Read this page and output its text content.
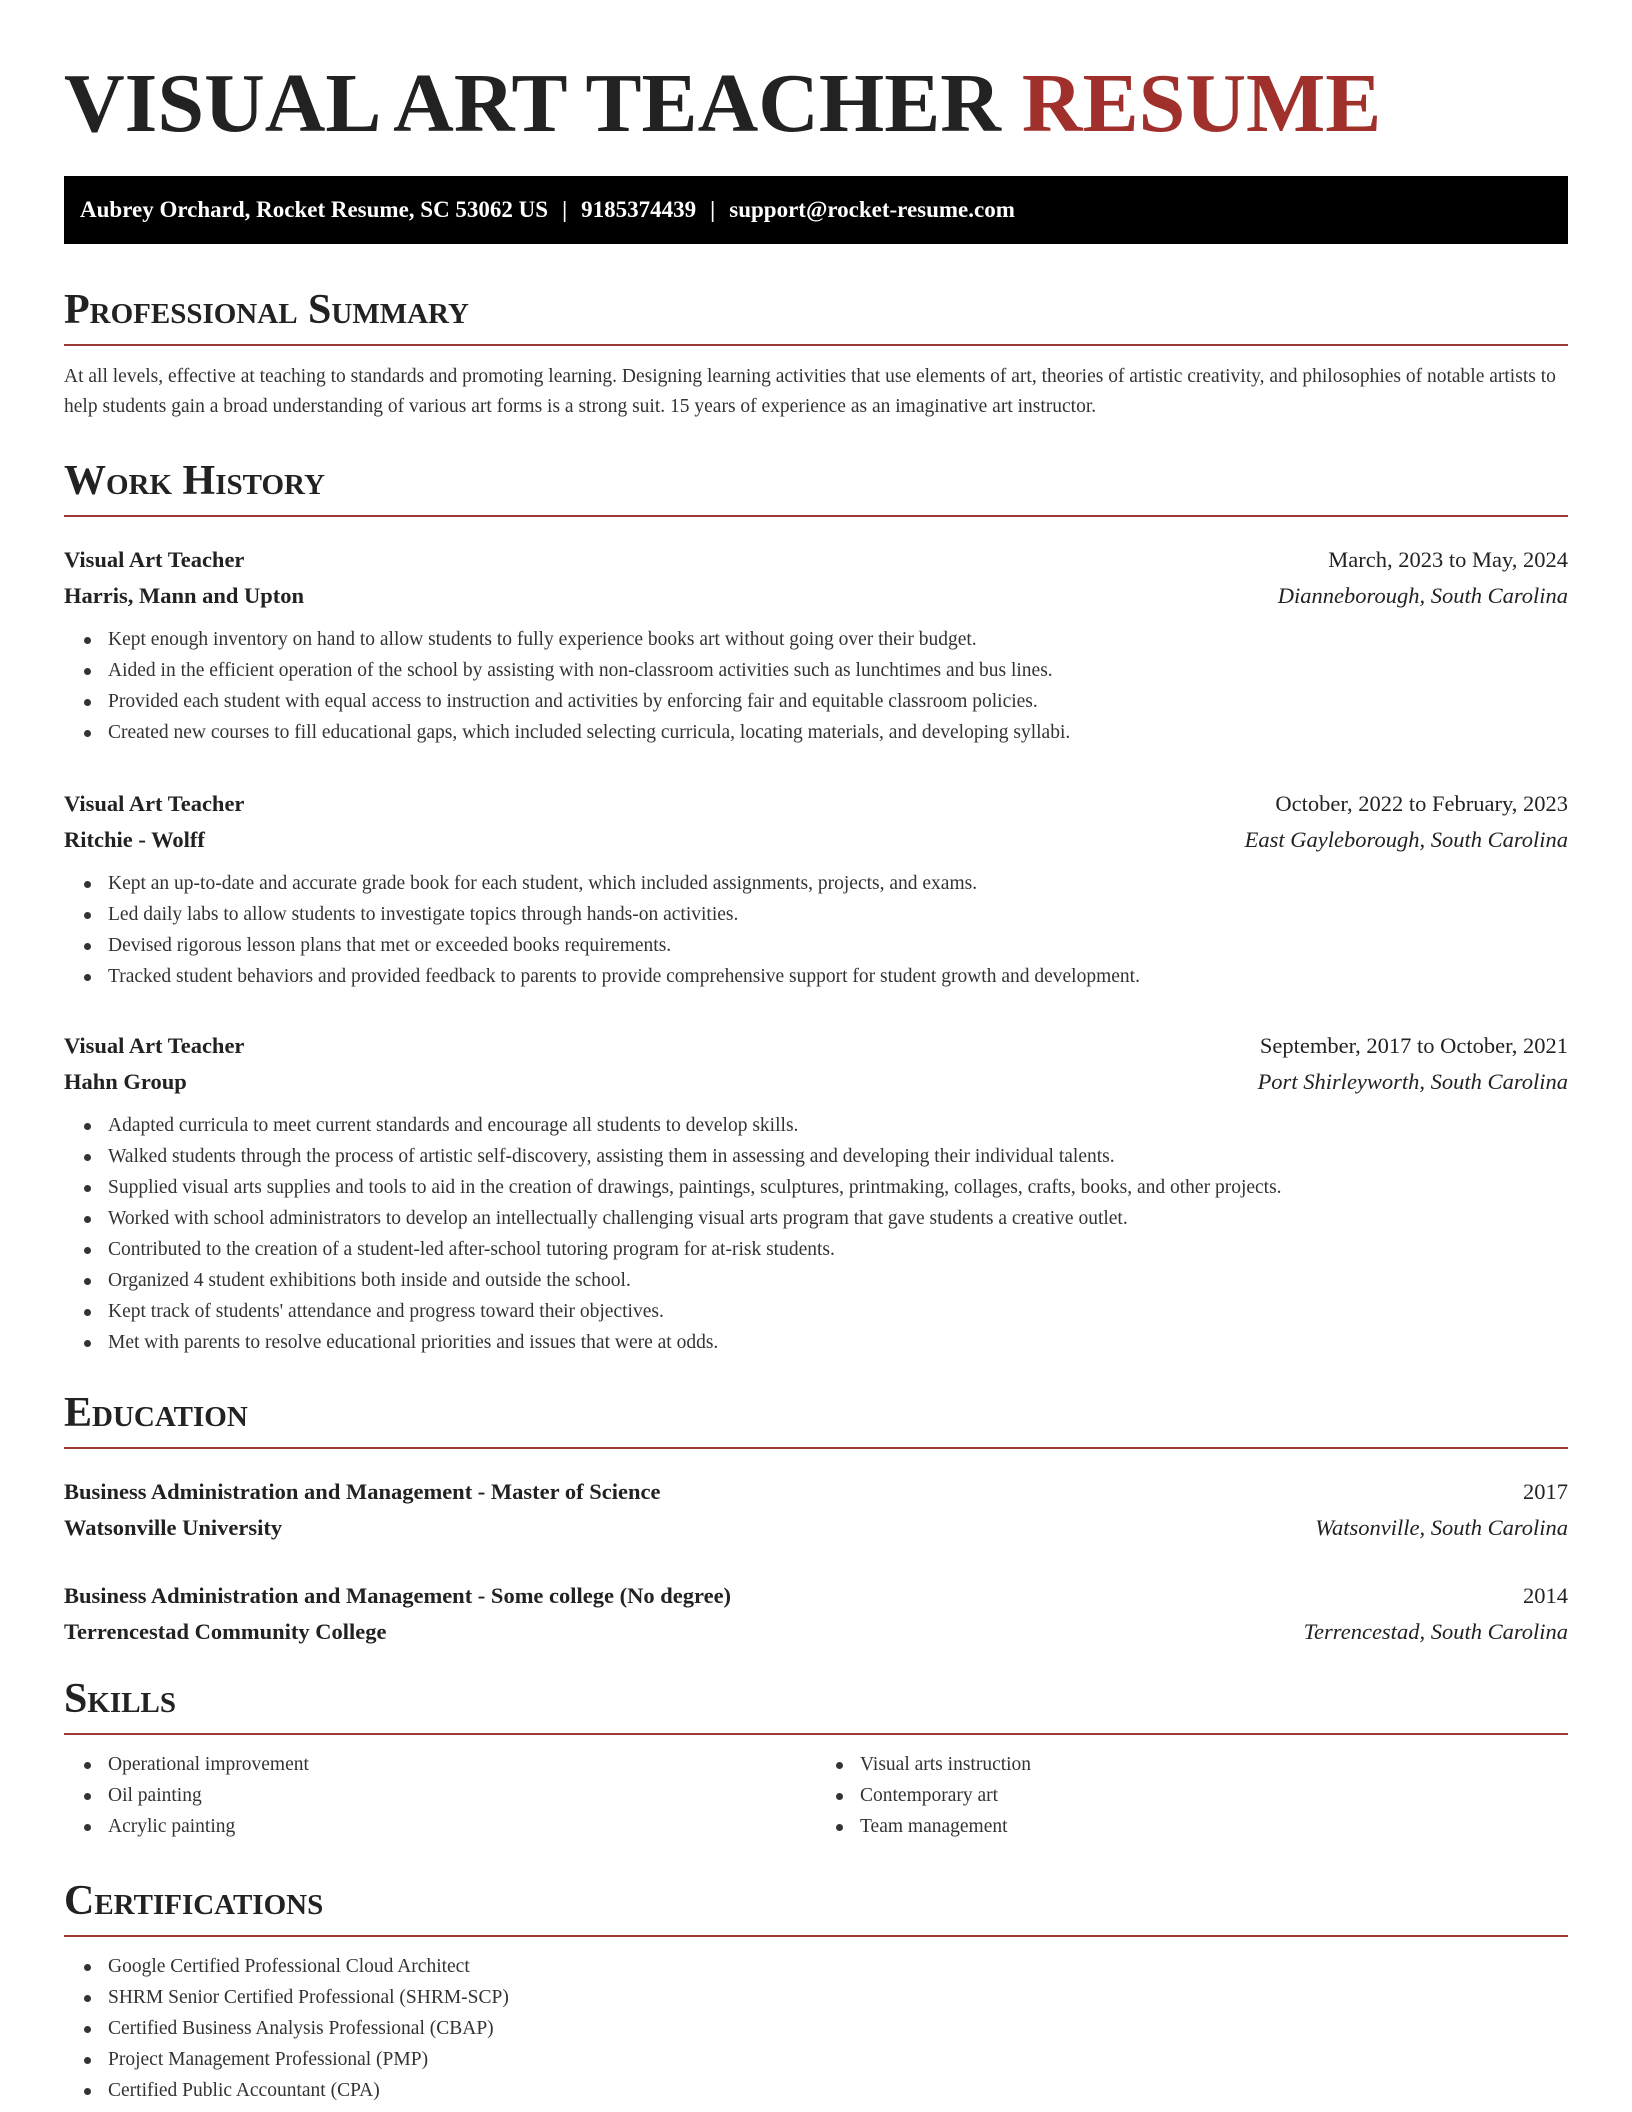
VISUAL ART TEACHER RESUME
Aubrey Orchard, Rocket Resume, SC 53062 US | 9185374439 | support@rocket-resume.com
Professional Summary

At all levels, effective at teaching to standards and promoting learning. Designing learning activities that use elements of art, theories of artistic creativity, and philosophies of notable artists to help students gain a broad understanding of various art forms is a strong suit. 15 years of experience as an imaginative art instructor.

Work History
Visual Art Teacher	March, 2023 to May, 2024
Harris, Mann and Upton	Dianneborough, South Carolina
Kept enough inventory on hand to allow students to fully experience books art without going over their budget.
Aided in the efficient operation of the school by assisting with non-classroom activities such as lunchtimes and bus lines.
Provided each student with equal access to instruction and activities by enforcing fair and equitable classroom policies.
Created new courses to fill educational gaps, which included selecting curricula, locating materials, and developing syllabi.
Visual Art Teacher	October, 2022 to February, 2023
Ritchie - Wolff	East Gayleborough, South Carolina
Kept an up-to-date and accurate grade book for each student, which included assignments, projects, and exams.
Led daily labs to allow students to investigate topics through hands-on activities.
Devised rigorous lesson plans that met or exceeded books requirements.
Tracked student behaviors and provided feedback to parents to provide comprehensive support for student growth and development.
Visual Art Teacher	September, 2017 to October, 2021
Hahn Group	Port Shirleyworth, South Carolina
Adapted curricula to meet current standards and encourage all students to develop skills.
Walked students through the process of artistic self-discovery, assisting them in assessing and developing their individual talents.
Supplied visual arts supplies and tools to aid in the creation of drawings, paintings, sculptures, printmaking, collages, crafts, books, and other projects.
Worked with school administrators to develop an intellectually challenging visual arts program that gave students a creative outlet.
Contributed to the creation of a student-led after-school tutoring program for at-risk students.
Organized 4 student exhibitions both inside and outside the school.
Kept track of students' attendance and progress toward their objectives.
Met with parents to resolve educational priorities and issues that were at odds.
Education
Business Administration and Management - Master of Science	2017
Watsonville University	Watsonville, South Carolina
Business Administration and Management - Some college (No degree)	2014
Terrencestad Community College	Terrencestad, South Carolina
Skills
Operational improvement
Oil painting
Acrylic painting
Visual arts instruction
Contemporary art
Team management
Certifications
Google Certified Professional Cloud Architect
SHRM Senior Certified Professional (SHRM-SCP)
Certified Business Analysis Professional (CBAP)
Project Management Professional (PMP)
Certified Public Accountant (CPA)
